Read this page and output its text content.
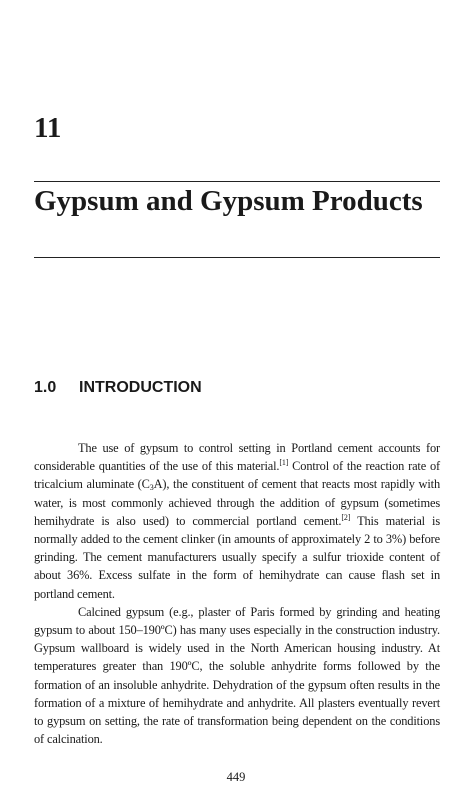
11
Gypsum and Gypsum Products
1.0 INTRODUCTION

The use of gypsum to control setting in Portland cement accounts for considerable quantities of the use of this material.[1] Control of the reaction rate of tricalcium aluminate $(C_3A)$, the constituent of cement that reacts most rapidly with water, is most commonly achieved through the addition of gypsum (sometimes hemihydrate is also used) to commercial portland cement.[2] This material is normally added to the cement clinker (in amounts of approximately 2 to 3%) before grinding. The cement manufacturers usually specify a sulfur trioxide content of about 36%. Excess sulfate in the form of hemihydrate can cause flash set in portland cement.

Calcined gypsum (e.g., plaster of Paris formed by grinding and heating gypsum to about 150–190ºC) has many uses especially in the construction industry. Gypsum wallboard is widely used in the North American housing industry. At temperatures greater than 190ºC, the soluble anhydrite forms followed by the formation of an insoluble anhydrite. Dehydration of the gypsum often results in the formation of a mixture of hemihydrate and anhydrite. All plasters eventually revert to gypsum on setting, the rate of transformation being dependent on the conditions of calcination.

449
